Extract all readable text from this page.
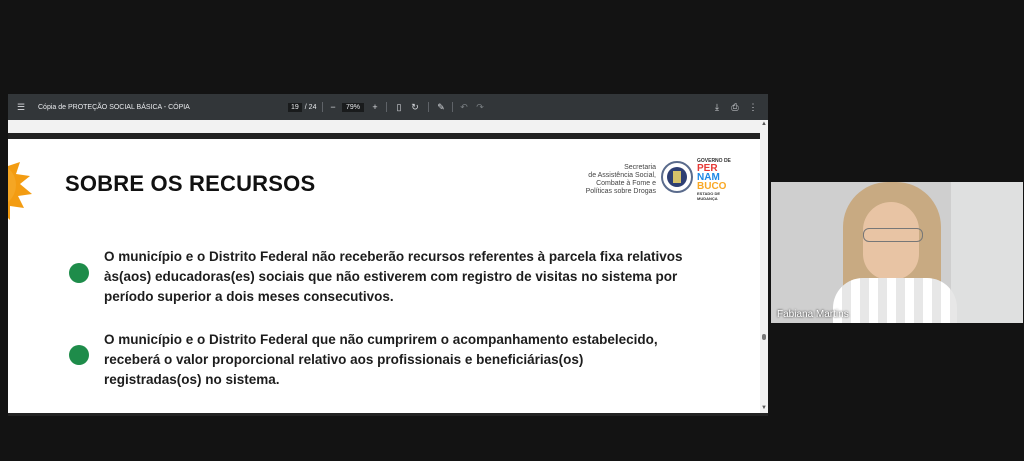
☰	Cópia de PROTEÇÃO SOCIAL BÁSICA - CÓPIA	19 / 24	−	79%	+	▯	↻	✎	↶ ↷	⤓	⎙	⋮
SOBRE OS RECURSOS
Secretaria
de Assistência Social,
Combate à Fome e
Políticas sobre Drogas
GOVERNO DE
PER
NAM
BUCO
ESTADO DE MUDANÇA
O município e o Distrito Federal não receberão recursos referentes à parcela fixa relativos
às(aos) educadoras(es) sociais que não estiverem com registro de visitas no sistema por
período superior a dois meses consecutivos.
O município e o Distrito Federal que não cumprirem o acompanhamento estabelecido,
receberá o valor proporcional relativo aos profissionais e beneficiárias(os)
registradas(os) no sistema.
▲
▼
Fabiana Martins
